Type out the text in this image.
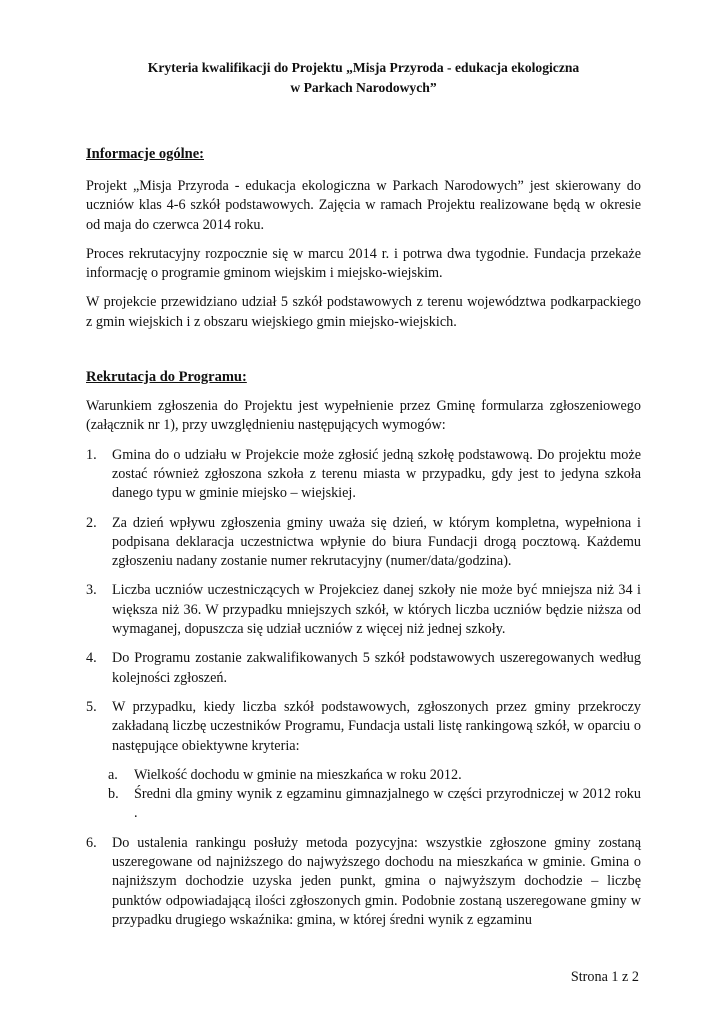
Kryteria kwalifikacji do Projektu „Misja Przyroda - edukacja ekologiczna
w Parkach Narodowych”
Informacje ogólne:

Projekt „Misja Przyroda - edukacja ekologiczna w Parkach Narodowych” jest skierowany do uczniów klas 4-6 szkół podstawowych. Zajęcia w ramach Projektu realizowane będą w okresie od maja do czerwca 2014 roku.

Proces rekrutacyjny rozpocznie się w marcu 2014 r. i potrwa dwa tygodnie. Fundacja przekaże informację o programie gminom wiejskim i miejsko-wiejskim.

W projekcie przewidziano udział 5 szkół podstawowych z terenu województwa podkarpackiego z gmin wiejskich i z obszaru wiejskiego gmin miejsko-wiejskich.

Rekrutacja do Programu:

Warunkiem zgłoszenia do Projektu jest wypełnienie przez Gminę formularza zgłoszeniowego (załącznik nr 1), przy uwzględnieniu następujących wymogów:

1. Gmina do o udziału w Projekcie może zgłosić jedną szkołę podstawową. Do projektu może zostać również zgłoszona szkoła z terenu miasta w przypadku, gdy jest to jedyna szkoła danego typu w gminie miejsko – wiejskiej.
2. Za dzień wpływu zgłoszenia gminy uważa się dzień, w którym kompletna, wypełniona i podpisana deklaracja uczestnictwa wpłynie do biura Fundacji drogą pocztową. Każdemu zgłoszeniu nadany zostanie numer rekrutacyjny (numer/data/godzina).
3. Liczba uczniów uczestniczących w Projekciez danej szkoły nie może być mniejsza niż 34 i większa niż 36. W przypadku mniejszych szkół, w których liczba uczniów będzie niższa od wymaganej, dopuszcza się udział uczniów z więcej niż jednej szkoły.
4. Do Programu zostanie zakwalifikowanych 5 szkół podstawowych uszeregowanych według kolejności zgłoszeń.
5. W przypadku, kiedy liczba szkół podstawowych, zgłoszonych przez gminy przekroczy zakładaną liczbę uczestników Programu, Fundacja ustali listę rankingową szkół, w oparciu o następujące obiektywne kryteria:
a. Wielkość dochodu w gminie na mieszkańca w roku 2012.
b. Średni dla gminy wynik z egzaminu gimnazjalnego w części przyrodniczej w 2012 roku .
6. Do ustalenia rankingu posłuży metoda pozycyjna: wszystkie zgłoszone gminy zostaną uszeregowane od najniższego do najwyższego dochodu na mieszkańca w gminie. Gmina o najniższym dochodzie uzyska jeden punkt, gmina o najwyższym dochodzie – liczbę punktów odpowiadającą ilości zgłoszonych gmin. Podobnie zostaną uszeregowane gminy w przypadku drugiego wskaźnika: gmina, w której średni wynik z egzaminu
Strona 1 z 2
